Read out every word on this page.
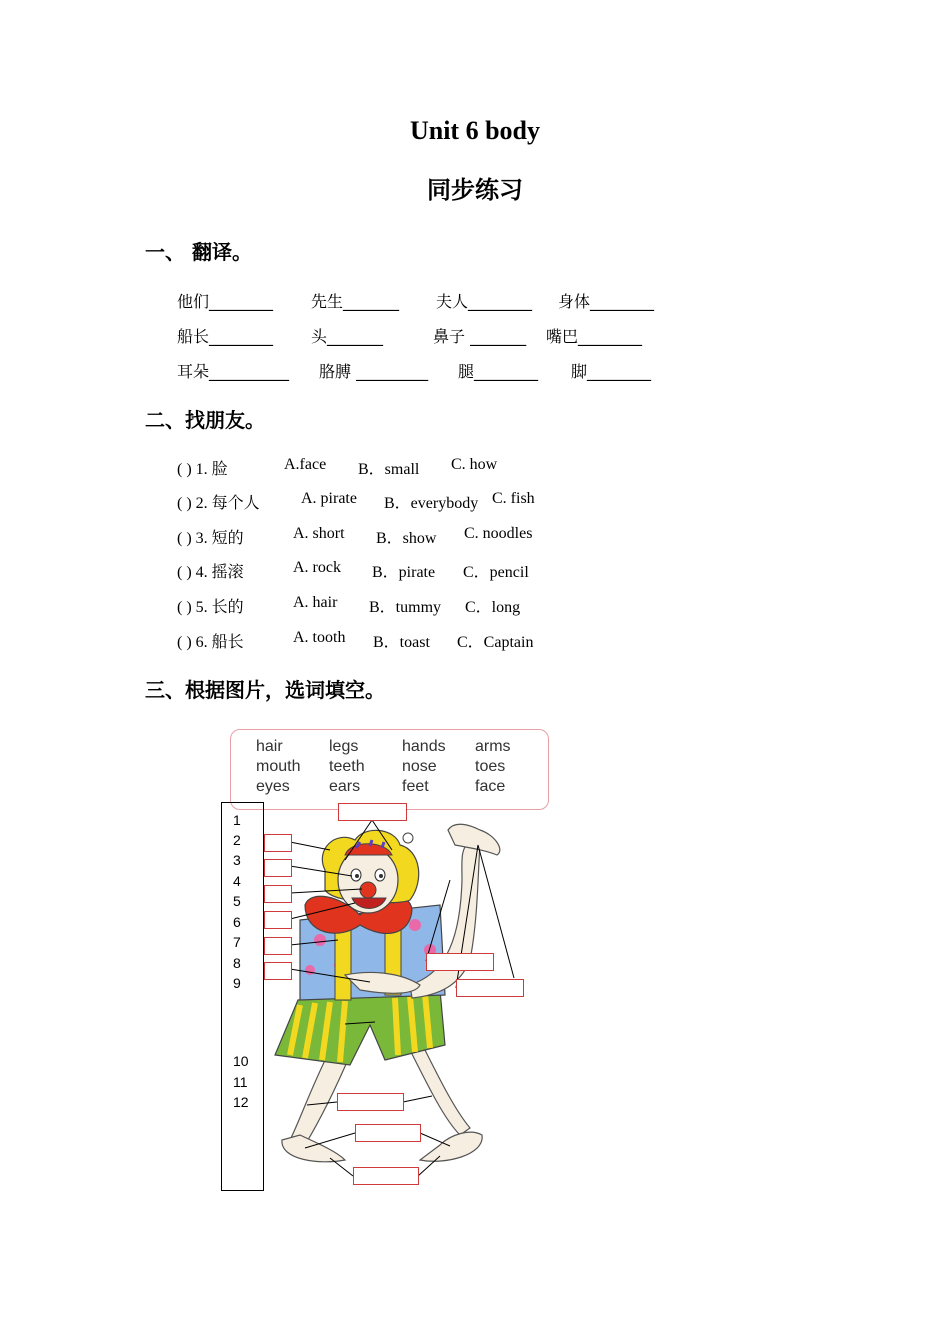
Unit 6 body
同步练习
一、 翻译。
他们________ 先生_______ 夫人________ 身体________
船长________ 头_______	鼻子 _______ 嘴巴________
耳朵__________ 胳膊 _________ 腿________ 脚________
二、找朋友。
( ) 1. 脸	A.face B．small C. how
( ) 2. 每个人	A. pirate B．everybody C. fish
( ) 3. 短的	A. short B．show C. noodles
( ) 4. 摇滚	A. rock B．pirate C．pencil
( ) 5. 长的	A. hair B．tummy C．long
( ) 6. 船长	A. tooth B．toast C．Captain
三、根据图片，选词填空。
hair	legs	hands arms
mouth teeth nose toes
eyes ears	feet	face
1
2
3
4
5
6
7
8
9
10
11
12
